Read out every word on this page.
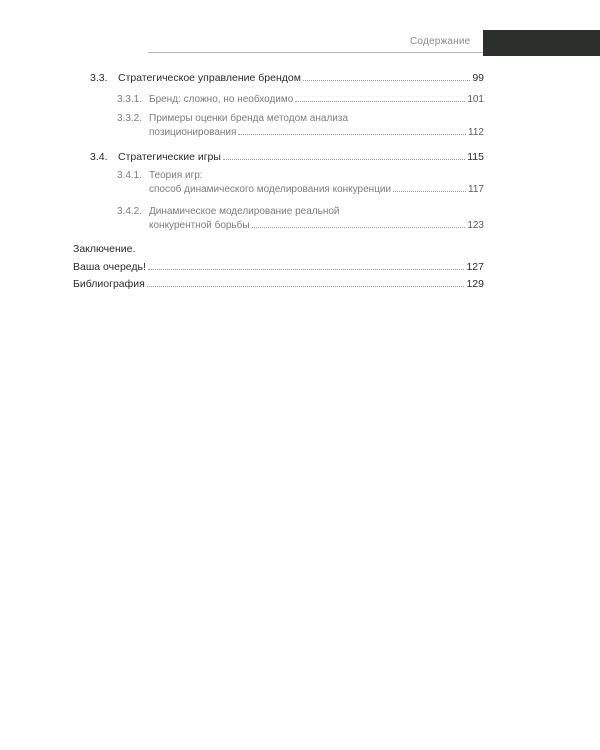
Содержание
3.3. Стратегическое управление брендом	99
3.3.1. Бренд: сложно, но необходимо	101
3.3.2. Примеры оценки бренда методом анализа
позиционирования	112
3.4. Стратегические игры	115
3.4.1. Теория игр:
способ динамического моделирования конкуренции	117
3.4.2. Динамическое моделирование реальной
конкурентной борьбы	123
Заключение.
Ваша очередь!	127
Библиография	129
